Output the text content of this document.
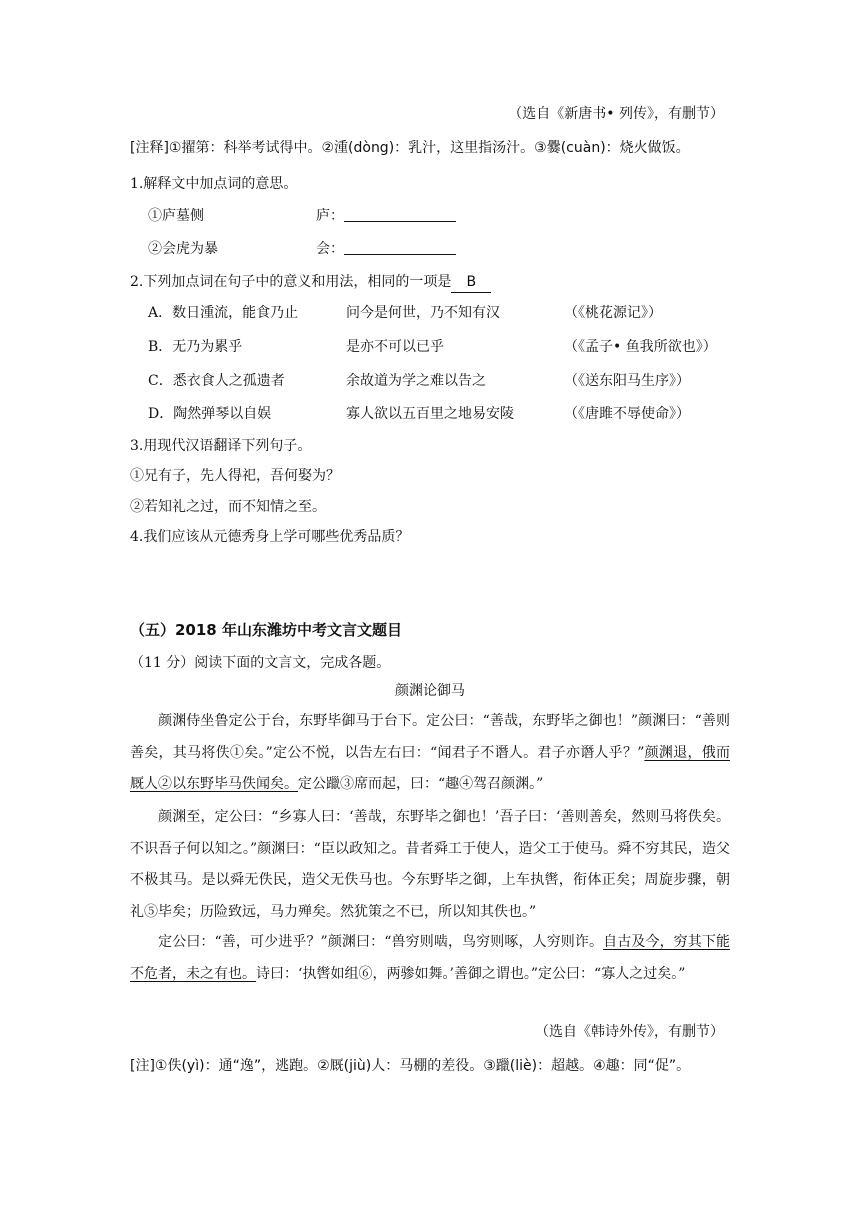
（选自《新唐书• 列传》，有删节）
[注释]①擢第：科举考试得中。②湩(dòng)：乳汁，这里指汤汁。③爨(cuàn)：烧火做饭。
1.解释文中加点词的意思。
①庐墓侧	庐：
②会虎为暴	会：
2.下列加点词在句子中的意义和用法，相同的一项是 B
A．数日湩流，能食乃止	问今是何世，乃不知有汉	（《桃花源记》）
B．无乃为累乎	是亦不可以已乎	（《孟子• 鱼我所欲也》）
C．悉衣食人之孤遗者	余故道为学之难以告之	（《送东阳马生序》）
D．陶然弹琴以自娱	寡人欲以五百里之地易安陵	（《唐雎不辱使命》）
3.用现代汉语翻译下列句子。
①兄有子，先人得祀，吾何娶为？
②若知礼之过，而不知情之至。
4.我们应该从元德秀身上学可哪些优秀品质？
（五）2018 年山东潍坊中考文言文题目
（11 分）阅读下面的文言文，完成各题。
颜渊论御马
  颜渊侍坐鲁定公于台，东野毕御马于台下。定公曰：“善哉，东野毕之御也！”颜渊曰：“善则善矣，其马将佚①矣。”定公不悦，以告左右曰：“闻君子不谮人。君子亦谮人乎？”颜渊退，俄而厩人②以东野毕马佚闻矣。定公躐③席而起，曰：“趣④驾召颜渊。”
  颜渊至，定公曰：“乡寡人曰：‘善哉，东野毕之御也！’吾子曰：‘善则善矣，然则马将佚矣。不识吾子何以知之。”颜渊曰：“臣以政知之。昔者舜工于使人，造父工于使马。舜不穷其民，造父不极其马。是以舜无佚民，造父无佚马也。今东野毕之御，上车执辔，衔体正矣；周旋步骤，朝礼⑤毕矣；历险致远，马力殚矣。然犹策之不已，所以知其佚也。”
  定公曰：“善，可少进乎？”颜渊曰：“兽穷则啮，鸟穷则啄，人穷则诈。自古及今，穷其下能不危者，未之有也。诗曰：‘执辔如组⑥，两骖如舞。’善御之谓也。”定公曰：“寡人之过矣。”
（选自《韩诗外传》，有删节）
[注]①佚(yì)：通“逸”，逃跑。②厩(jiù)人：马棚的差役。③躐(liè)：超越。④趣：同“促”。
